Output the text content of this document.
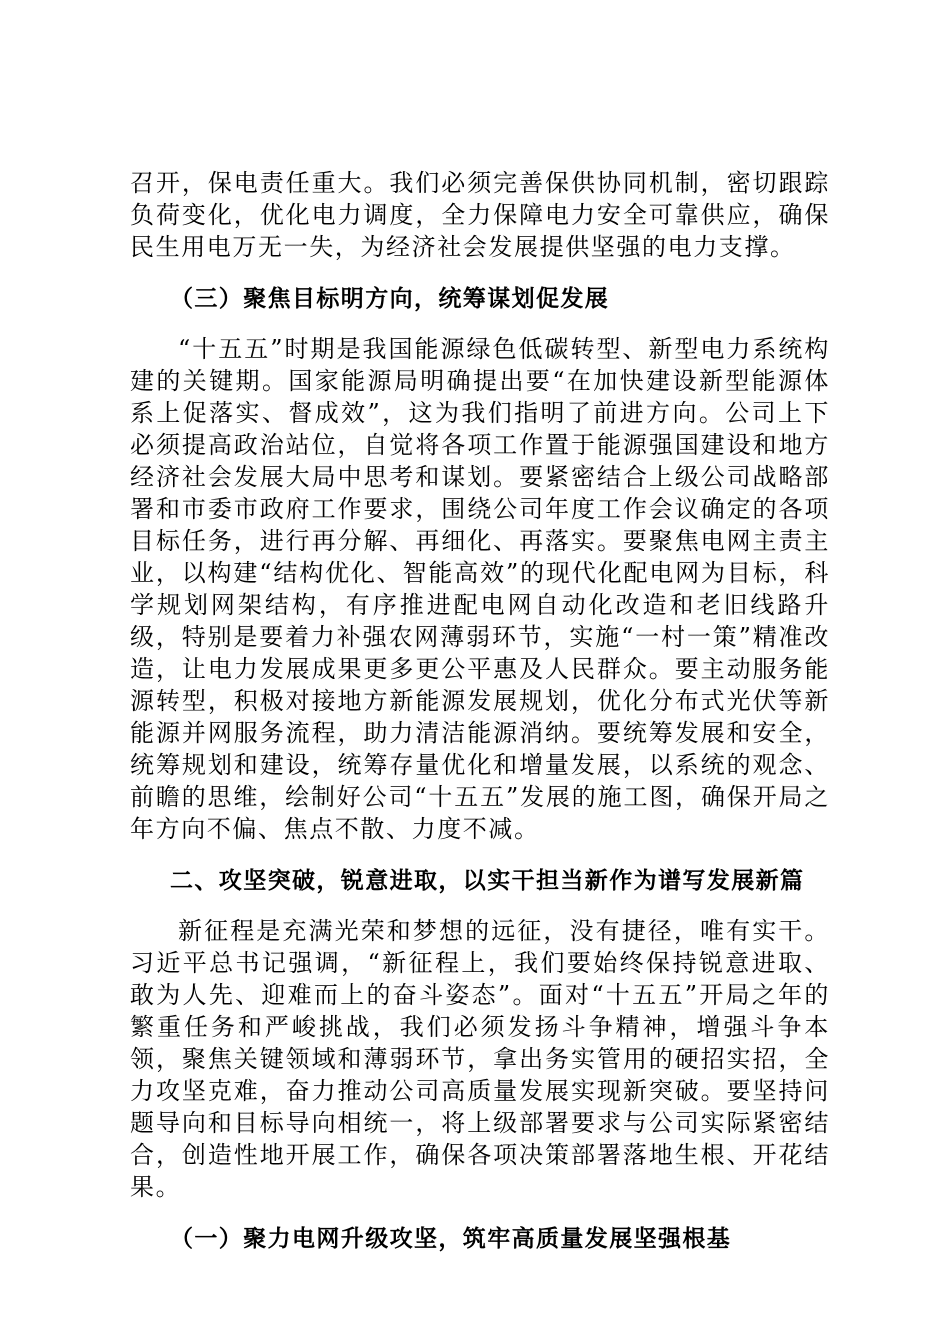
召开，保电责任重大。我们必须完善保供协同机制，密切跟踪负荷变化，优化电力调度，全力保障电力安全可靠供应，确保民生用电万无一失，为经济社会发展提供坚强的电力支撑。

（三）聚焦目标明方向，统筹谋划促发展

“十五五”时期是我国能源绿色低碳转型、新型电力系统构建的关键期。国家能源局明确提出要“在加快建设新型能源体系上促落实、督成效”，这为我们指明了前进方向。公司上下必须提高政治站位，自觉将各项工作置于能源强国建设和地方经济社会发展大局中思考和谋划。要紧密结合上级公司战略部署和市委市政府工作要求，围绕公司年度工作会议确定的各项目标任务，进行再分解、再细化、再落实。要聚焦电网主责主业，以构建“结构优化、智能高效”的现代化配电网为目标，科学规划网架结构，有序推进配电网自动化改造和老旧线路升级，特别是要着力补强农网薄弱环节，实施“一村一策”精准改造，让电力发展成果更多更公平惠及人民群众。要主动服务能源转型，积极对接地方新能源发展规划，优化分布式光伏等新能源并网服务流程，助力清洁能源消纳。要统筹发展和安全，统筹规划和建设，统筹存量优化和增量发展，以系统的观念、前瞻的思维，绘制好公司“十五五”发展的施工图，确保开局之年方向不偏、焦点不散、力度不减。

二、攻坚突破，锐意进取，以实干担当新作为谱写发展新篇

新征程是充满光荣和梦想的远征，没有捷径，唯有实干。习近平总书记强调，“新征程上，我们要始终保持锐意进取、敢为人先、迎难而上的奋斗姿态”。面对“十五五”开局之年的繁重任务和严峻挑战，我们必须发扬斗争精神，增强斗争本领，聚焦关键领域和薄弱环节，拿出务实管用的硬招实招，全力攻坚克难，奋力推动公司高质量发展实现新突破。要坚持问题导向和目标导向相统一，将上级部署要求与公司实际紧密结合，创造性地开展工作，确保各项决策部署落地生根、开花结果。

（一）聚力电网升级攻坚，筑牢高质量发展坚强根基
